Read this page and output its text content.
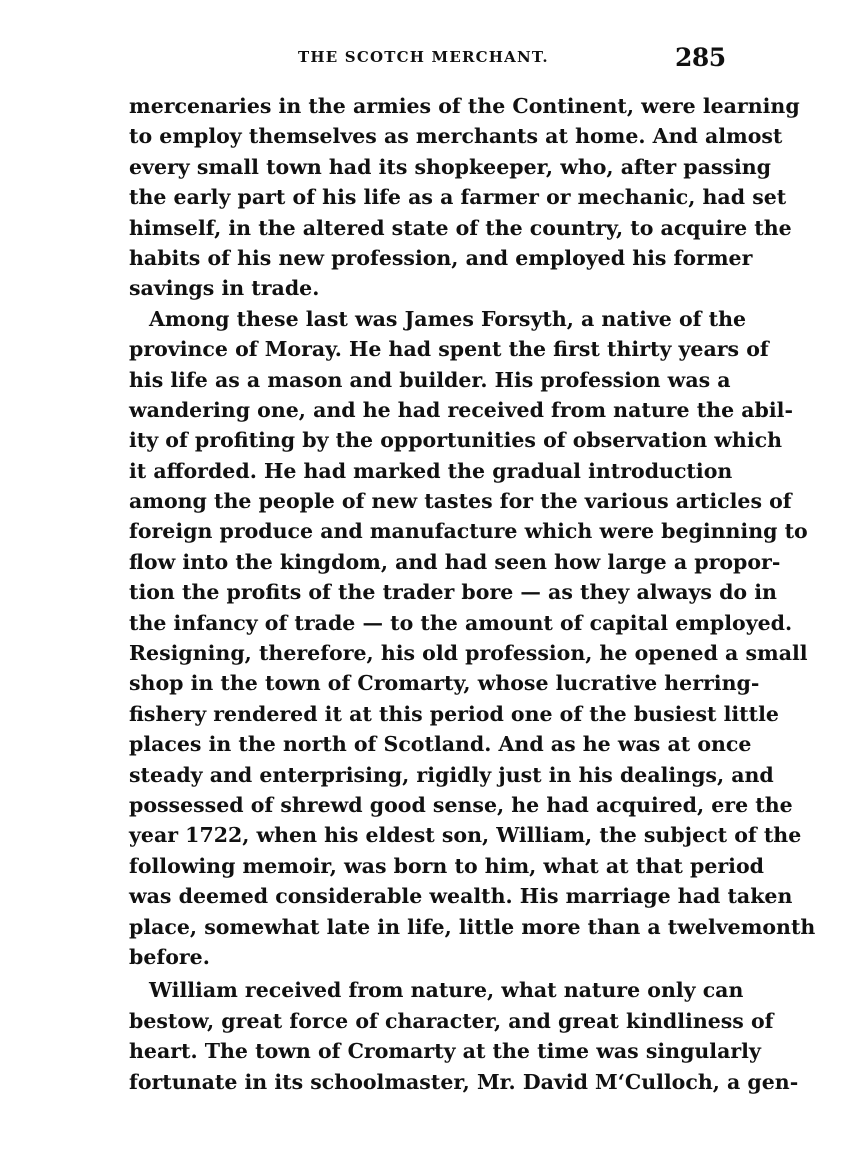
THE SCOTCH MERCHANT.	285
mercenaries in the armies of the Continent, were learning
to employ themselves as merchants at home. And almost
every small town had its shopkeeper, who, after passing
the early part of his life as a farmer or mechanic, had set
himself, in the altered state of the country, to acquire the
habits of his new profession, and employed his former
savings in trade.
Among these last was James Forsyth, a native of the
province of Moray. He had spent the first thirty years of
his life as a mason and builder. His profession was a
wandering one, and he had received from nature the abil-
ity of profiting by the opportunities of observation which
it afforded. He had marked the gradual introduction
among the people of new tastes for the various articles of
foreign produce and manufacture which were beginning to
flow into the kingdom, and had seen how large a propor-
tion the profits of the trader bore — as they always do in
the infancy of trade — to the amount of capital employed.
Resigning, therefore, his old profession, he opened a small
shop in the town of Cromarty, whose lucrative herring-
fishery rendered it at this period one of the busiest little
places in the north of Scotland. And as he was at once
steady and enterprising, rigidly just in his dealings, and
possessed of shrewd good sense, he had acquired, ere the
year 1722, when his eldest son, William, the subject of the
following memoir, was born to him, what at that period
was deemed considerable wealth. His marriage had taken
place, somewhat late in life, little more than a twelvemonth
before.
William received from nature, what nature only can
bestow, great force of character, and great kindliness of
heart. The town of Cromarty at the time was singularly
fortunate in its schoolmaster, Mr. David M‘Culloch, a gen-
